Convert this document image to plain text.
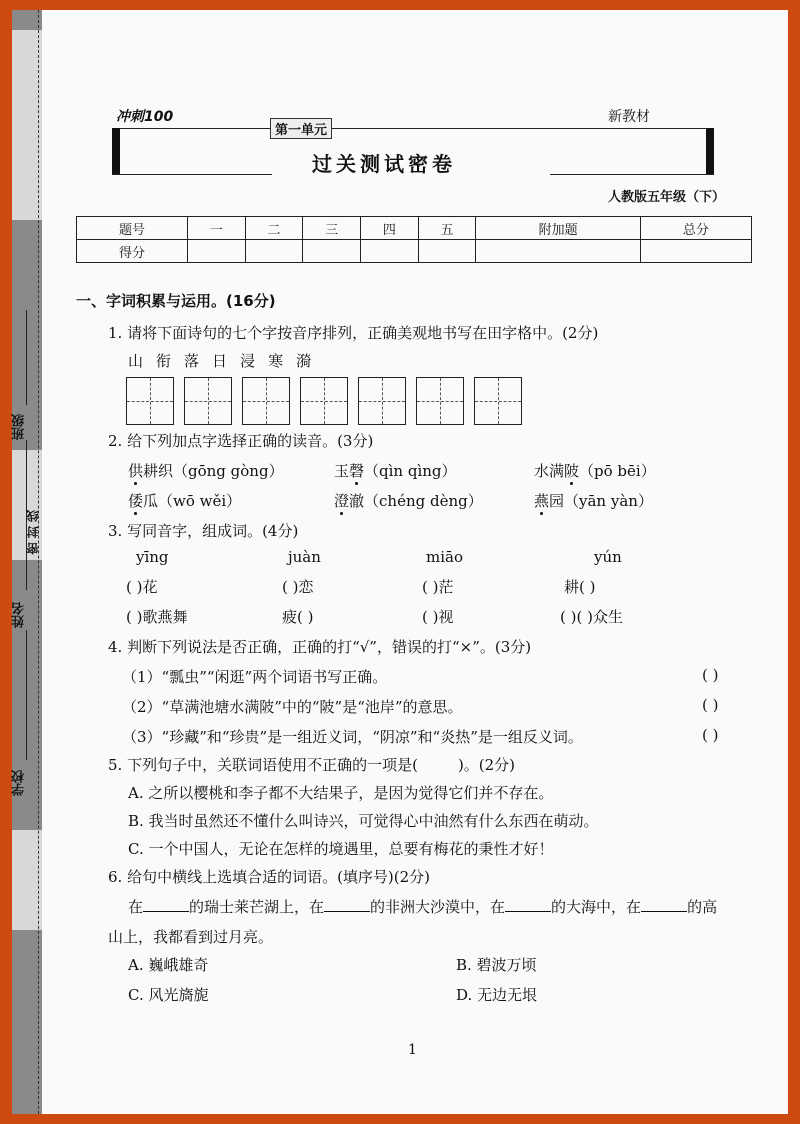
班级
姓名
密 封 线
学校
冲刺100	新教材
第一单元
过关测试密卷
人教版五年级（下）
题号	一	二	三	四	五	附加题	总分
得分							
一、字词积累与运用。(16分)
1. 请将下面诗句的七个字按音序排列，正确美观地书写在田字格中。(2分)
山衔落日浸寒漪
2. 给下列加点字选择正确的读音。(3分)
供耕织（gōng gòng）	玉磬（qìn qìng）	水满陂（pō bēi）
倭瓜（wō wěi）	澄澈（chéng dèng）	燕园（yān yàn）
3. 写同音字，组成词。(4分)
yīng	juàn	miāo	yún
( )花	( )恋	( )茫	耕( )
( )歌燕舞	疲( )	( )视	( )( )众生
4. 判断下列说法是否正确，正确的打“√”，错误的打“×”。(3分)
（1）“瓢虫”“闲逛”两个词语书写正确。	( )
（2）“草满池塘水满陂”中的“陂”是“池岸”的意思。	( )
（3）“珍藏”和“珍贵”是一组近义词，“阴凉”和“炎热”是一组反义词。	( )
5. 下列句子中，关联词语使用不正确的一项是(	)。(2分)
A. 之所以樱桃和李子都不大结果子，是因为觉得它们并不存在。
B. 我当时虽然还不懂什么叫诗兴，可觉得心中油然有什么东西在萌动。
C. 一个中国人，无论在怎样的境遇里，总要有梅花的秉性才好！
6. 给句中横线上选填合适的词语。(填序号)(2分)
在	的瑞士莱芒湖上，在	的非洲大沙漠中，在	的大海中，在	的高
山上，我都看到过月亮。
A. 巍峨雄奇	B. 碧波万顷
C. 风光旖旎	D. 无边无垠
1
